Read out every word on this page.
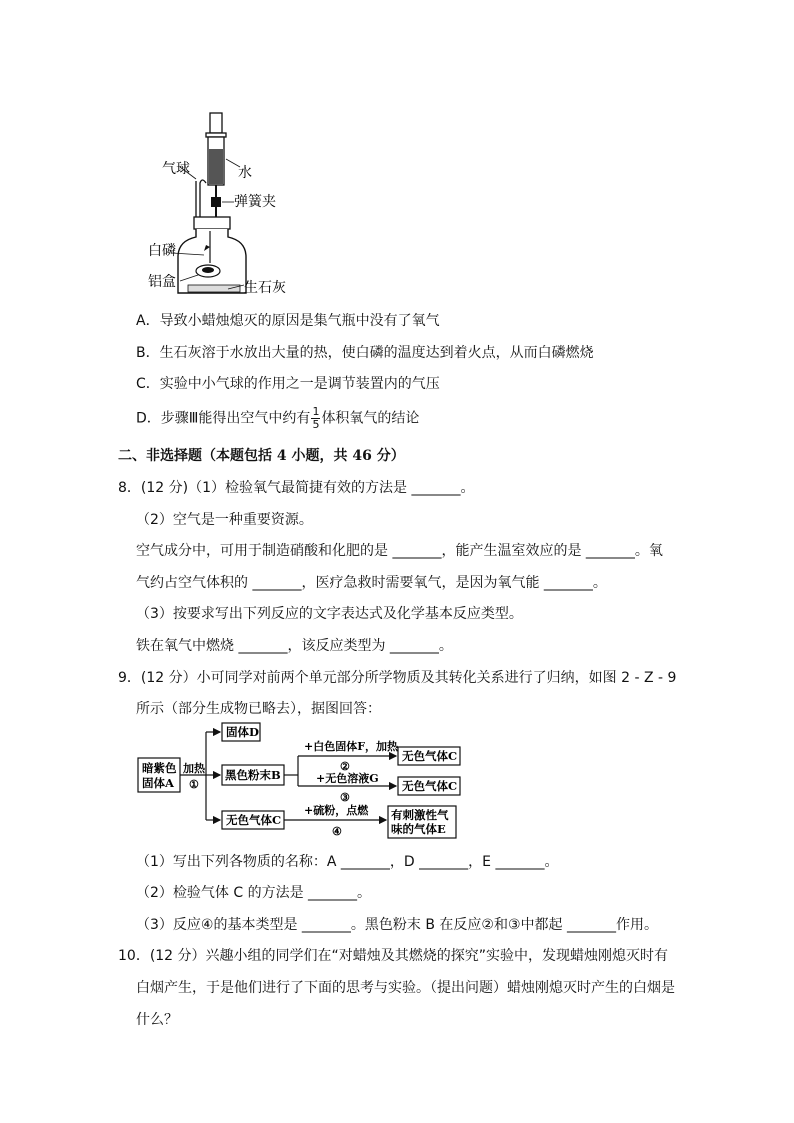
气球	水
弹簧夹
白磷
铝盒	生石灰
A．导致小蜡烛熄灭的原因是集气瓶中没有了氧气
B．生石灰溶于水放出大量的热，使白磷的温度达到着火点，从而白磷燃烧
C．实验中小气球的作用之一是调节装置内的气压
D．步骤Ⅲ能得出空气中约有 $\frac{1}{5}$ 体积氧气的结论
二、非选择题（本题包括 4 小题，共 46 分）
8．(12 分)（1）检验氧气最简捷有效的方法是 _______。
（2）空气是一种重要资源。
空气成分中，可用于制造硝酸和化肥的是 _______，能产生温室效应的是 _______。氧
气约占空气体积的 _______，医疗急救时需要氧气，是因为氧气能 _______。
（3）按要求写出下列反应的文字表达式及化学基本反应类型。
铁在氧气中燃烧 _______，该反应类型为 _______。
9．(12 分）小可同学对前两个单元部分所学物质及其转化关系进行了归纳，如图 2 - Z - 9
所示（部分生成物已略去），据图回答：
暗紫色
固体A
加热
①
固体D
黑色粉末B
+白色固体F，加热
②
+无色溶液G
③
无色气体C
无色气体C
无色气体C
+硫粉，点燃
④
有刺激性气
味的气体E
（1）写出下列各物质的名称：A _______，D _______，E _______。
（2）检验气体 C 的方法是 _______。
（3）反应④的基本类型是 _______。黑色粉末 B 在反应②和③中都起 _______作用。
10．(12 分）兴趣小组的同学们在“对蜡烛及其燃烧的探究”实验中，发现蜡烛刚熄灭时有
白烟产生，于是他们进行了下面的思考与实验。（提出问题）蜡烛刚熄灭时产生的白烟是
什么？
